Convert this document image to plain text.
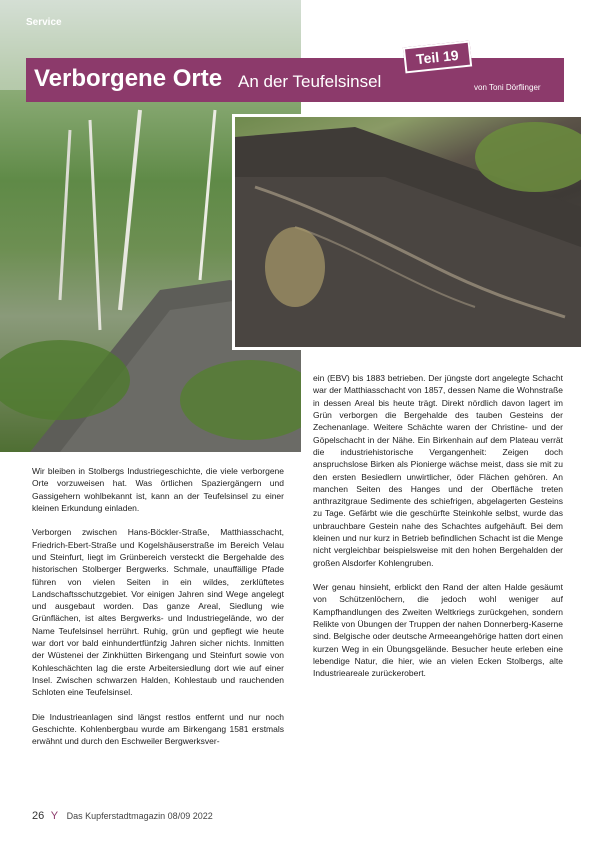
Service
Verborgene Orte An der Teufelsinsel
Teil 19
von Toni Dörflinger

Wir bleiben in Stolbergs Industriegeschichte, die viele verborgene Orte vorzuweisen hat. Was örtlichen Spaziergängern und Gassigehern wohlbekannt ist, kann an der Teufelsinsel zu einer kleinen Erkundung einladen.

Verborgen zwischen Hans-Böckler-Straße, Matthiasschacht, Friedrich-Ebert-Straße und Kogelshäuserstraße im Bereich Velau und Steinfurt, liegt im Grünbereich versteckt die Bergehalde des historischen Stolberger Bergwerks. Schmale, unauffällige Pfade führen von vielen Seiten in ein wildes, zerklüftetes Landschaftsschutzgebiet. Vor einigen Jahren sind Wege angelegt und ausgebaut worden. Das ganze Areal, Siedlung wie Grünflächen, ist altes Bergwerks- und Industriegelände, wo der Name Teufelsinsel herrührt. Ruhig, grün und gepflegt wie heute war dort vor bald einhundertfünfzig Jahren sicher nichts. Inmitten der Wüstenei der Zinkhütten Birkengang und Steinfurt sowie von Kohleschächten lag die erste Arbeitersiedlung dort wie auf einer Insel. Zwischen schwarzen Halden, Kohlestaub und rauchenden Schloten eine Teufelsinsel.

Die Industrieanlagen sind längst restlos entfernt und nur noch Geschichte. Kohlenbergbau wurde am Birkengang 1581 erstmals erwähnt und durch den Eschweiler Bergwerksver-

ein (EBV) bis 1883 betrieben. Der jüngste dort angelegte Schacht war der Matthiasschacht von 1857, dessen Name die Wohnstraße in dessen Areal bis heute trägt. Direkt nördlich davon lagert im Grün verborgen die Bergehalde des tauben Gesteins der Zechenanlage. Weitere Schächte waren der Christine- und der Göpelschacht in der Nähe. Ein Birkenhain auf dem Plateau verrät die industriehistorische Vergangenheit: Zeigen doch anspruchslose Birken als Pionierge wächse meist, dass sie mit zu den ersten Besiedlern unwirtlicher, öder Flächen gehören. An manchen Seiten des Hanges und der Oberfläche treten anthrazitgraue Sedimente des schiefrigen, abgelagerten Gesteins zu Tage. Gefärbt wie die geschürfte Steinkohle selbst, wurde das unbrauchbare Gestein nahe des Schachtes aufgehäuft. Bei dem kleinen und nur kurz in Betrieb befindlichen Schacht ist die Menge nicht vergleichbar beispielsweise mit den hohen Bergehalden der großen Alsdorfer Kohlengruben.

Wer genau hinsieht, erblickt den Rand der alten Halde gesäumt von Schützenlöchern, die jedoch wohl weniger auf Kampfhandlungen des Zweiten Weltkriegs zurückgehen, sondern Relikte von Übungen der Truppen der nahen Donnerberg-Kaserne sind. Belgische oder deutsche Armeeangehörige hatten dort einen kurzen Weg in ein Übungsgelände. Besucher heute erleben eine lebendige Natur, die hier, wie an vielen Ecken Stolbergs, alte Industrieareale zurückerobert.

26 Y Das Kupferstadtmagazin 08/09 2022
